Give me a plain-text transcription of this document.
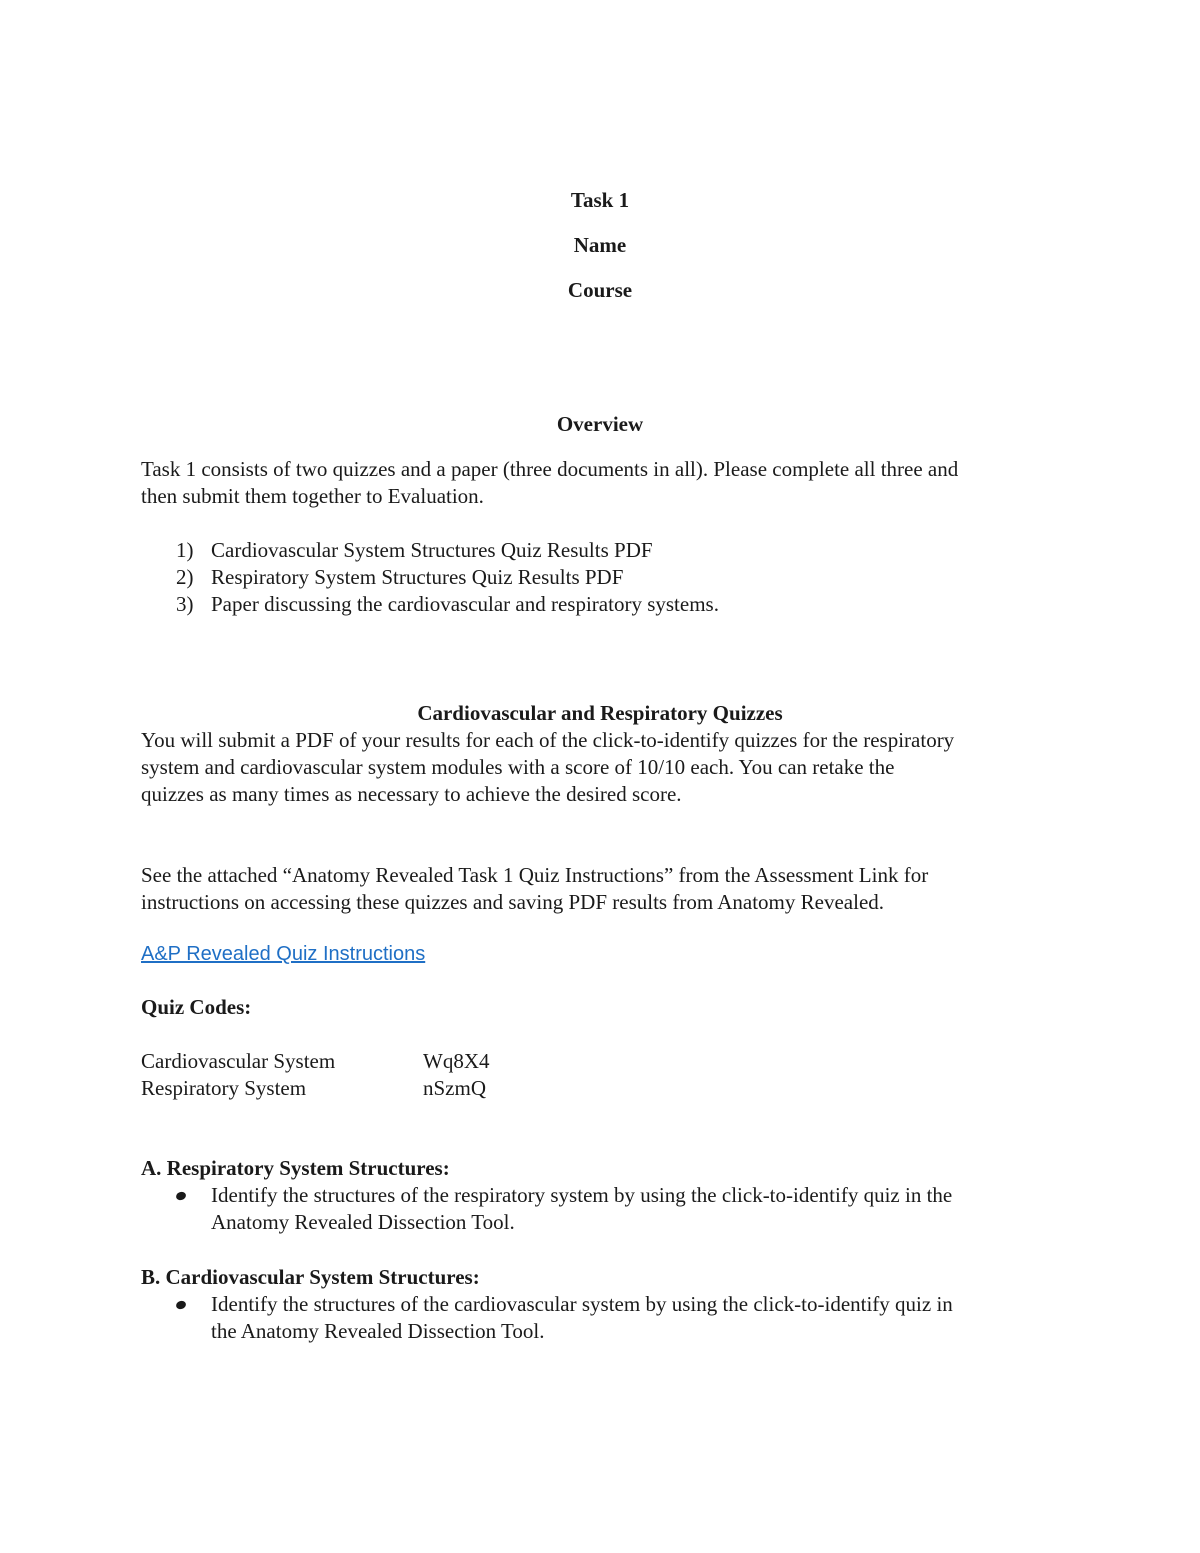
Task 1
Name
Course
Overview
Task 1 consists of two quizzes and a paper (three documents in all). Please complete all three and
then submit them together to Evaluation.
1) Cardiovascular System Structures Quiz Results PDF
2) Respiratory System Structures Quiz Results PDF
3) Paper discussing the cardiovascular and respiratory systems.
Cardiovascular and Respiratory Quizzes
You will submit a PDF of your results for each of the click-to-identify quizzes for the respiratory
system and cardiovascular system modules with a score of 10/10 each. You can retake the
quizzes as many times as necessary to achieve the desired score.
See the attached “Anatomy Revealed Task 1 Quiz Instructions” from the Assessment Link for
instructions on accessing these quizzes and saving PDF results from Anatomy Revealed.
A&P Revealed Quiz Instructions
Quiz Codes:
Cardiovascular System	Wq8X4
Respiratory System	nSzmQ
A. Respiratory System Structures:
Identify the structures of the respiratory system by using the click-to-identify quiz in the
Anatomy Revealed Dissection Tool.
B. Cardiovascular System Structures:
Identify the structures of the cardiovascular system by using the click-to-identify quiz in
the Anatomy Revealed Dissection Tool.
